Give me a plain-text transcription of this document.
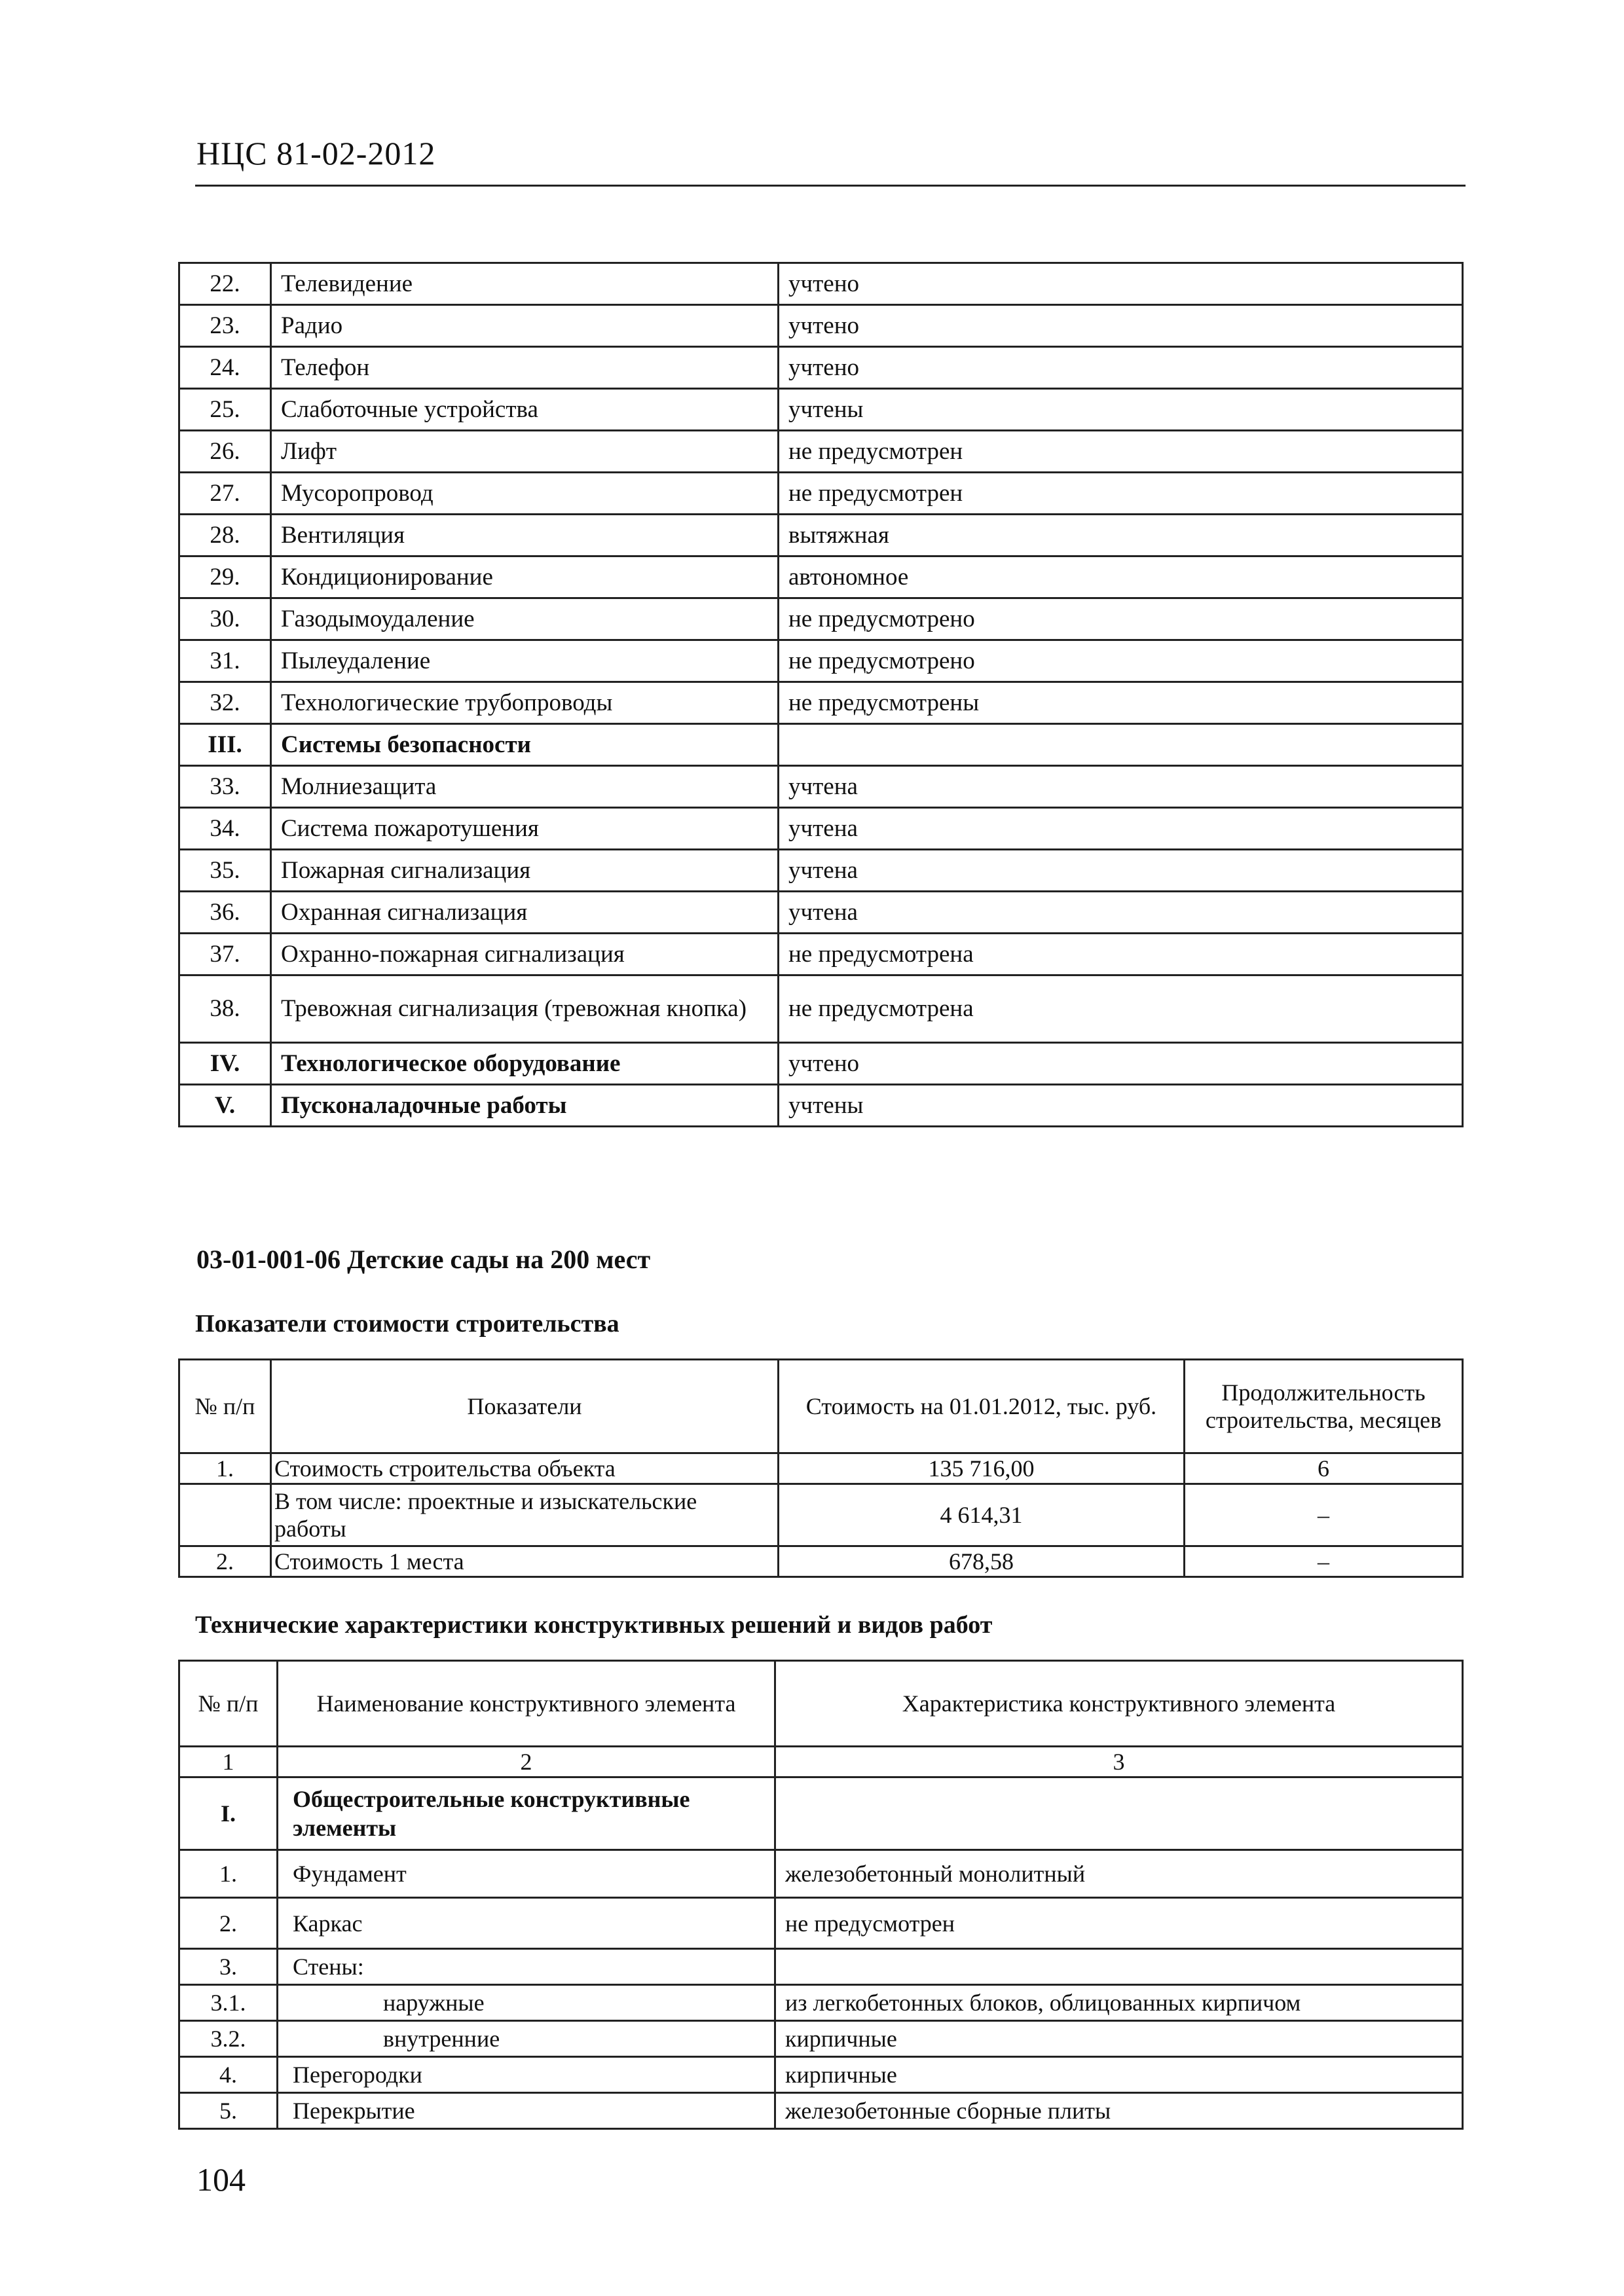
НЦС 81-02-2012
22.	Телевидение	учтено
23.	Радио	учтено
24.	Телефон	учтено
25.	Слаботочные устройства	учтены
26.	Лифт	не предусмотрен
27.	Мусоропровод	не предусмотрен
28.	Вентиляция	вытяжная
29.	Кондиционирование	автономное
30.	Газодымоудаление	не предусмотрено
31.	Пылеудаление	не предусмотрено
32.	Технологические трубопроводы	не предусмотрены
III.	Системы безопасности	
33.	Молниезащита	учтена
34.	Система пожаротушения	учтена
35.	Пожарная сигнализация	учтена
36.	Охранная сигнализация	учтена
37.	Охранно-пожарная сигнализация	не предусмотрена
38.	Тревожная сигнализация (тревожная кнопка)	не предусмотрена
IV.	Технологическое оборудование	учтено
V.	Пусконаладочные работы	учтены
03-01-001-06 Детские сады на 200 мест
Показатели стоимости строительства
№ п/п	Показатели	Стоимость на 01.01.2012, тыс. руб.	Продолжительность строительства, месяцев
1.	Стоимость строительства объекта	135 716,00	6
	В том числе: проектные и изыскательские работы	4 614,31	–
2.	Стоимость 1 места	678,58	–
Технические характеристики конструктивных решений и видов работ
№ п/п	Наименование конструктивного элемента	Характеристика конструктивного элемента
1	2	3
I.	Общестроительные конструктивные элементы	
1.	Фундамент	железобетонный монолитный
2.	Каркас	не предусмотрен
3.	Стены:	
3.1.	наружные	из легкобетонных блоков, облицованных кирпичом
3.2.	внутренние	кирпичные
4.	Перегородки	кирпичные
5.	Перекрытие	железобетонные сборные плиты
104
